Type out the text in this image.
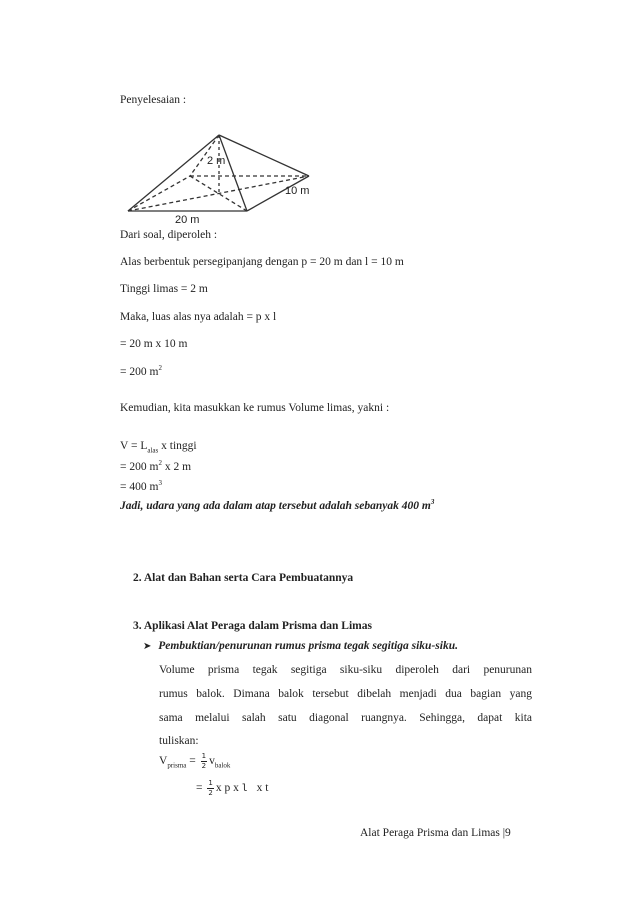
Penyelesaian :
2 m
10 m
20 m
Dari soal, diperoleh :
Alas berbentuk persegipanjang dengan p = 20 m dan l = 10 m
Tinggi limas = 2 m
Maka, luas alas nya adalah = p x l
= 20 m x 10 m
= 200 $m^2$
Kemudian, kita masukkan ke rumus Volume limas, yakni :
$V = L_{alas}$ x tinggi
= 200 $m^2$ x 2 m
= 400 $m^3$
Jadi, udara yang ada dalam atap tersebut adalah sebanyak 400 $m^3$
2. Alat dan Bahan serta Cara Pembuatannya
3. Aplikasi Alat Peraga dalam Prisma dan Limas
➤ Pembuktian/penurunan rumus prisma tegak segitiga siku-siku.
Volume prisma tegak segitiga siku-siku diperoleh dari penurunan
rumus balok. Dimana balok tersebut dibelah menjadi dua bagian yang
sama melalui salah satu diagonal ruangnya. Sehingga, dapat kita
tuliskan:
$V_{prisma} = \frac{1}{2} v_{balok}$
= $\frac{1}{2}$ x p x l x t
Alat Peraga Prisma dan Limas |9
